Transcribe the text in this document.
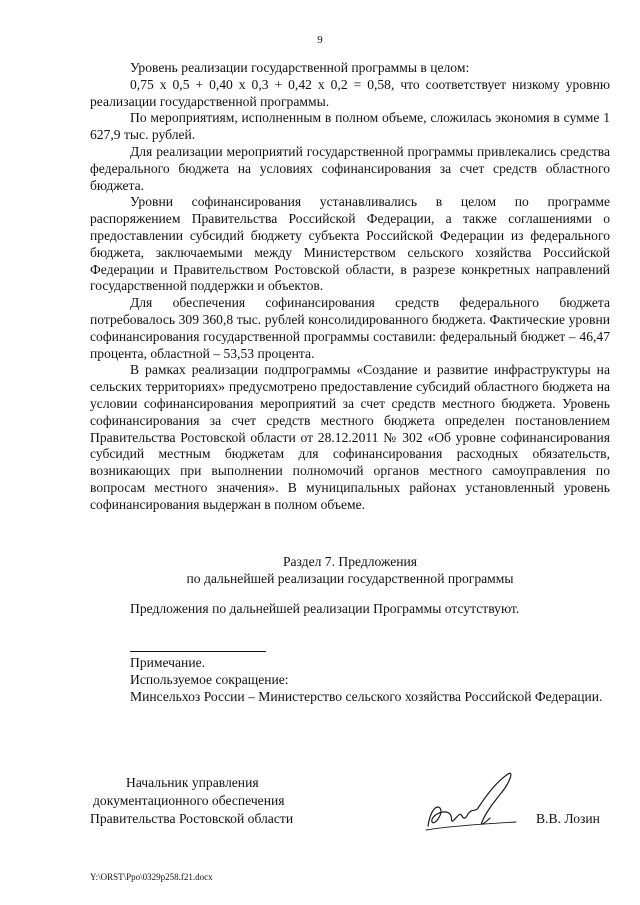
9

Уровень реализации государственной программы в целом:

0,75 x 0,5 + 0,40 x 0,3 + 0,42 x 0,2 = 0,58, что соответствует низкому уровню реализации государственной программы.

По мероприятиям, исполненным в полном объеме, сложилась экономия в сумме 1 627,9 тыс. рублей.

Для реализации мероприятий государственной программы привлекались средства федерального бюджета на условиях софинансирования за счет средств областного бюджета.

Уровни софинансирования устанавливались в целом по программе распоряжением Правительства Российской Федерации, а также соглашениями о предоставлении субсидий бюджету субъекта Российской Федерации из федерального бюджета, заключаемыми между Министерством сельского хозяйства Российской Федерации и Правительством Ростовской области, в разрезе конкретных направлений государственной поддержки и объектов.

Для обеспечения софинансирования средств федерального бюджета потребовалось 309 360,8 тыс. рублей консолидированного бюджета. Фактические уровни софинансирования государственной программы составили: федеральный бюджет – 46,47 процента, областной – 53,53 процента.

В рамках реализации подпрограммы «Создание и развитие инфраструктуры на сельских территориях» предусмотрено предоставление субсидий областного бюджета на условии софинансирования мероприятий за счет средств местного бюджета. Уровень софинансирования за счет средств местного бюджета определен постановлением Правительства Ростовской области от 28.12.2011 № 302 «Об уровне софинансирования субсидий местным бюджетам для софинансирования расходных обязательств, возникающих при выполнении полномочий органов местного самоуправления по вопросам местного значения». В муниципальных районах установленный уровень софинансирования выдержан в полном объеме.

Раздел 7. Предложения
по дальнейшей реализации государственной программы
Предложения по дальнейшей реализации Программы отсутствуют.

Примечание.

Используемое сокращение:

Минсельхоз России – Министерство сельского хозяйства Российской Федерации.

Начальник управления
документационного обеспечения
Правительства Ростовской области	В.В. Лозин
Y:\ORST\Ppo\0329p258.f21.docx
